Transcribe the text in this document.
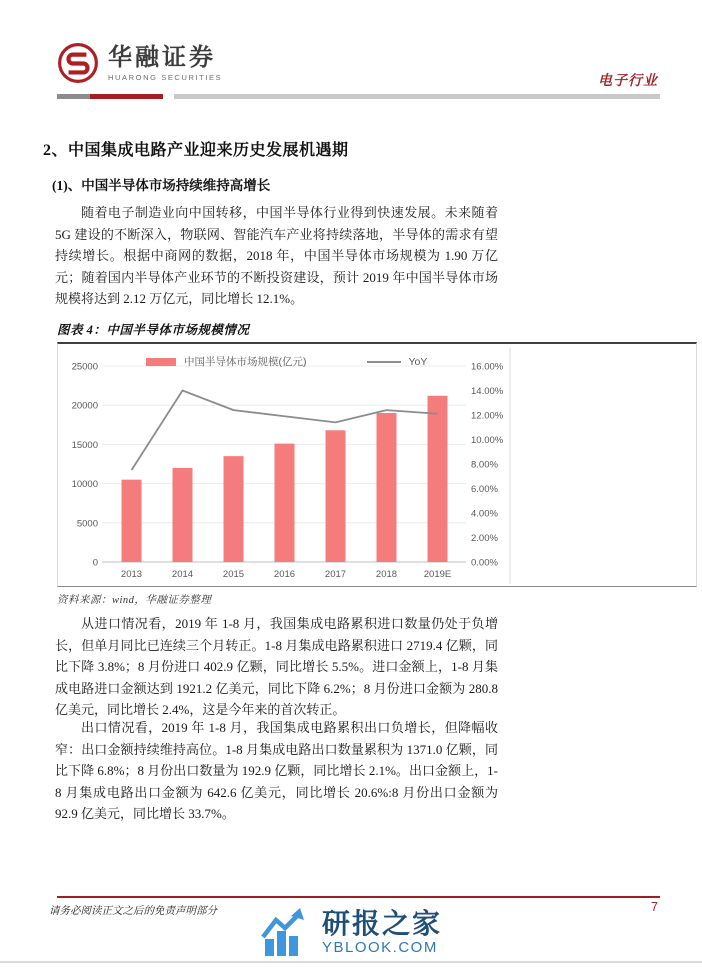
华融证券
HUARONG SECURITIES	电子行业
2、中国集成电路产业迎来历史发展机遇期
(1)、中国半导体市场持续维持高增长
随着电子制造业向中国转移，中国半导体行业得到快速发展。未来随着 5G 建设的不断深入，物联网、智能汽车产业将持续落地，半导体的需求有望持续增长。根据中商网的数据，2018 年，中国半导体市场规模为 1.90 万亿元；随着国内半导体产业环节的不断投资建设，预计 2019 年中国半导体市场规模将达到 2.12 万亿元，同比增长 12.1%。
图表 4：中国半导体市场规模情况
0
5000
10000
15000
20000
25000
0.00%
2.00%
4.00%
6.00%
8.00%
10.00%
12.00%
14.00%
16.00%
2013	2014	2015	2016	2017	2018	2019E
中国半导体市场规模(亿元)	YoY
资料来源：wind，华融证券整理
从进口情况看，2019 年 1-8 月，我国集成电路累积进口数量仍处于负增长，但单月同比已连续三个月转正。1-8 月集成电路累积进口 2719.4 亿颗，同比下降 3.8%；8 月份进口 402.9 亿颗，同比增长 5.5%。进口金额上，1-8 月集成电路进口金额达到 1921.2 亿美元，同比下降 6.2%；8 月份进口金额为 280.8 亿美元，同比增长 2.4%，这是今年来的首次转正。
出口情况看，2019 年 1-8 月，我国集成电路累积出口负增长，但降幅收窄：出口金额持续维持高位。1-8 月集成电路出口数量累积为 1371.0 亿颗，同比下降 6.8%；8 月份出口数量为 192.9 亿颗，同比增长 2.1%。出口金额上，1-8 月集成电路出口金额为 642.6 亿美元，同比增长 20.6%:8 月份出口金额为 92.9 亿美元，同比增长 33.7%。
请务必阅读正文之后的免责声明部分	7
研报之家
YBLOOK.COM
